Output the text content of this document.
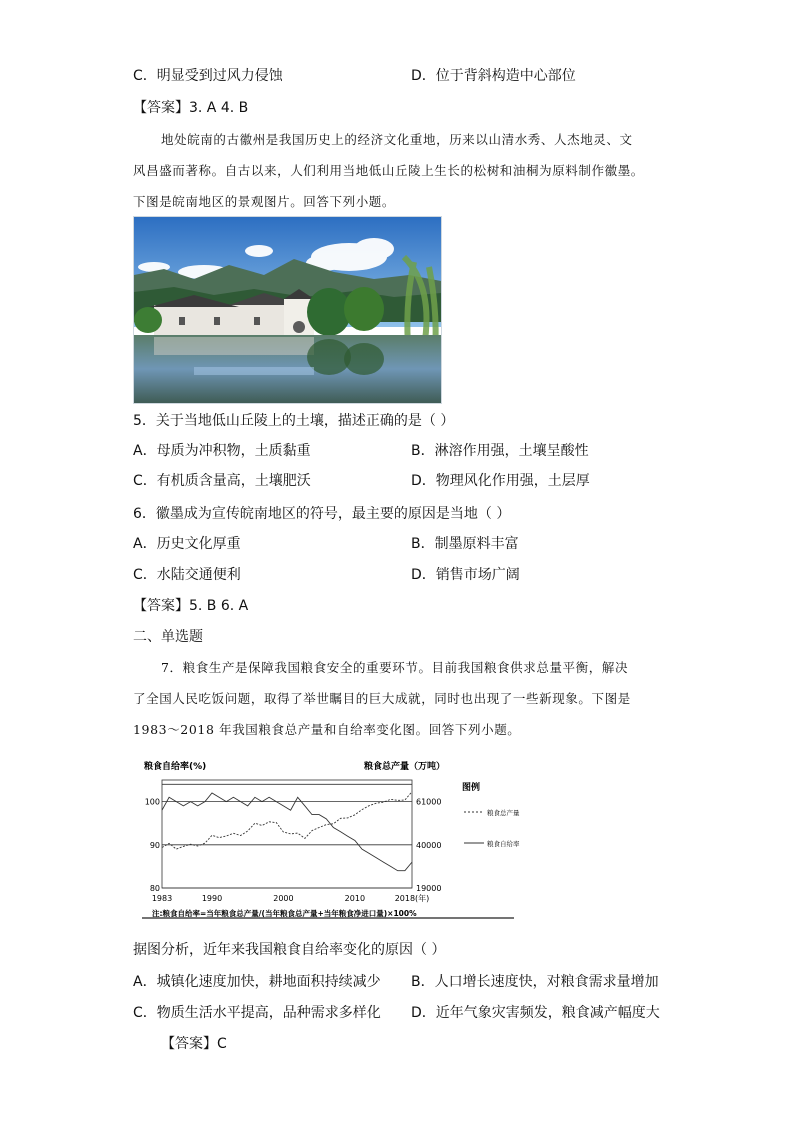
C．明显受到过风力侵蚀	D．位于背斜构造中心部位
【答案】3. A 4. B
地处皖南的古徽州是我国历史上的经济文化重地，历来以山清水秀、人杰地灵、文
风昌盛而著称。自古以来，人们利用当地低山丘陵上生长的松树和油桐为原料制作徽墨。
下图是皖南地区的景观图片。回答下列小题。
5．关于当地低山丘陵上的土壤，描述正确的是（ ）
A．母质为冲积物，土质黏重	B．淋溶作用强，土壤呈酸性
C．有机质含量高，土壤肥沃	D．物理风化作用强，土层厚
6．徽墨成为宣传皖南地区的符号，最主要的原因是当地（ ）
A．历史文化厚重	B．制墨原料丰富
C．水陆交通便利	D．销售市场广阔
【答案】5. B 6. A
二、单选题
7．粮食生产是保障我国粮食安全的重要环节。目前我国粮食供求总量平衡，解决
了全国人民吃饭问题，取得了举世瞩目的巨大成就，同时也出现了一些新现象。下图是
1983～2018 年我国粮食总产量和自给率变化图。回答下列小题。
粮食自给率(%)	粮食总产量（万吨）
图例
粮食总产量
粮食自给率
100
90
80
61000
40000
19000
1983	1990	2000	2010	2018(年)
注:粮食自给率=当年粮食总产量/(当年粮食总产量+当年粮食净进口量)×100%
据图分析，近年来我国粮食自给率变化的原因（ ）
A．城镇化速度加快，耕地面积持续减少 B．人口增长速度快，对粮食需求量增加
C．物质生活水平提高，品种需求多样化 D．近年气象灾害频发，粮食减产幅度大
【答案】C
